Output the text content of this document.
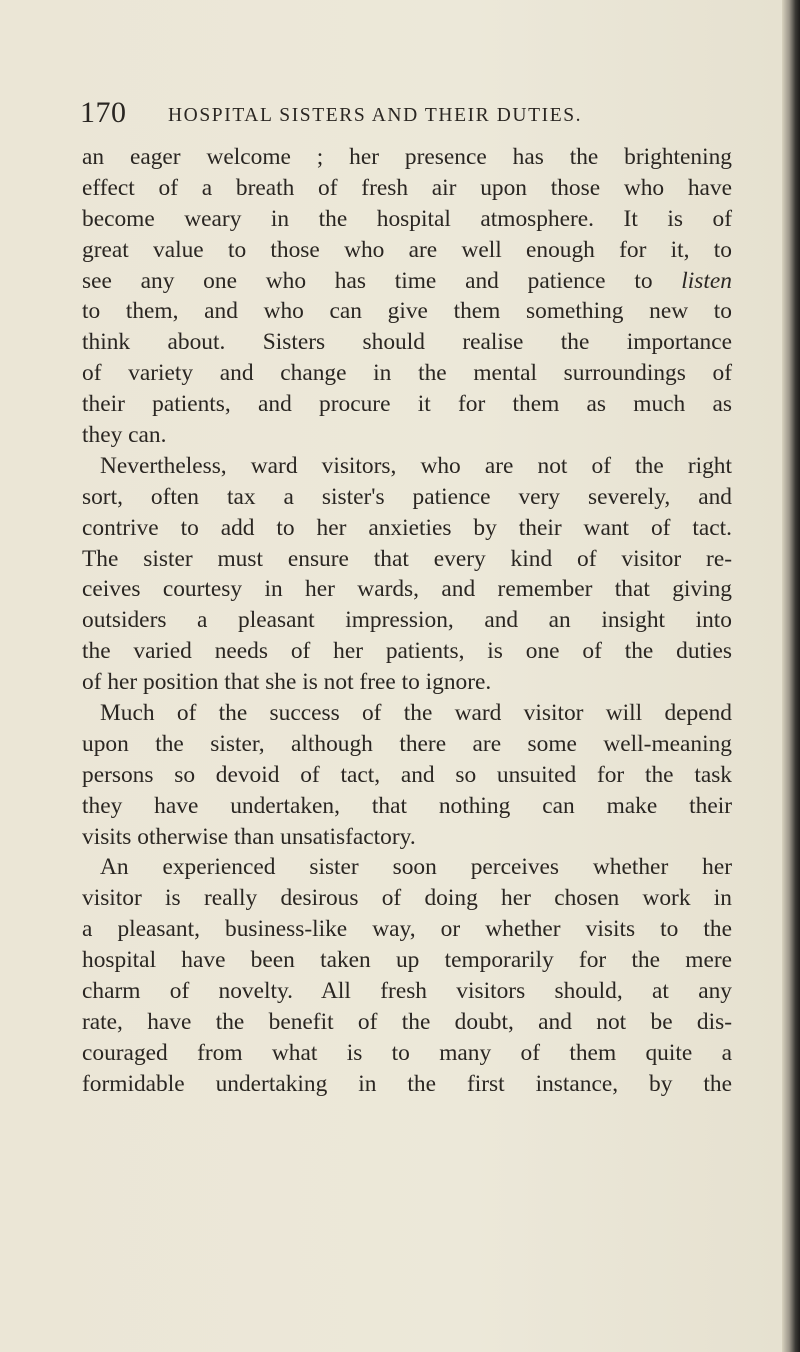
170 HOSPITAL SISTERS AND THEIR DUTIES.
an eager welcome ; her presence has the brightening
effect of a breath of fresh air upon those who have
become weary in the hospital atmosphere. It is of
great value to those who are well enough for it, to
see any one who has time and patience to listen
to them, and who can give them something new to
think about. Sisters should realise the importance
of variety and change in the mental surroundings of
their patients, and procure it for them as much as
they can.
Nevertheless, ward visitors, who are not of the right
sort, often tax a sister's patience very severely, and
contrive to add to her anxieties by their want of tact.
The sister must ensure that every kind of visitor re-
ceives courtesy in her wards, and remember that giving
outsiders a pleasant impression, and an insight into
the varied needs of her patients, is one of the duties
of her position that she is not free to ignore.
Much of the success of the ward visitor will depend
upon the sister, although there are some well-meaning
persons so devoid of tact, and so unsuited for the task
they have undertaken, that nothing can make their
visits otherwise than unsatisfactory.
An experienced sister soon perceives whether her
visitor is really desirous of doing her chosen work in
a pleasant, business-like way, or whether visits to the
hospital have been taken up temporarily for the mere
charm of novelty. All fresh visitors should, at any
rate, have the benefit of the doubt, and not be dis-
couraged from what is to many of them quite a
formidable undertaking in the first instance, by the
